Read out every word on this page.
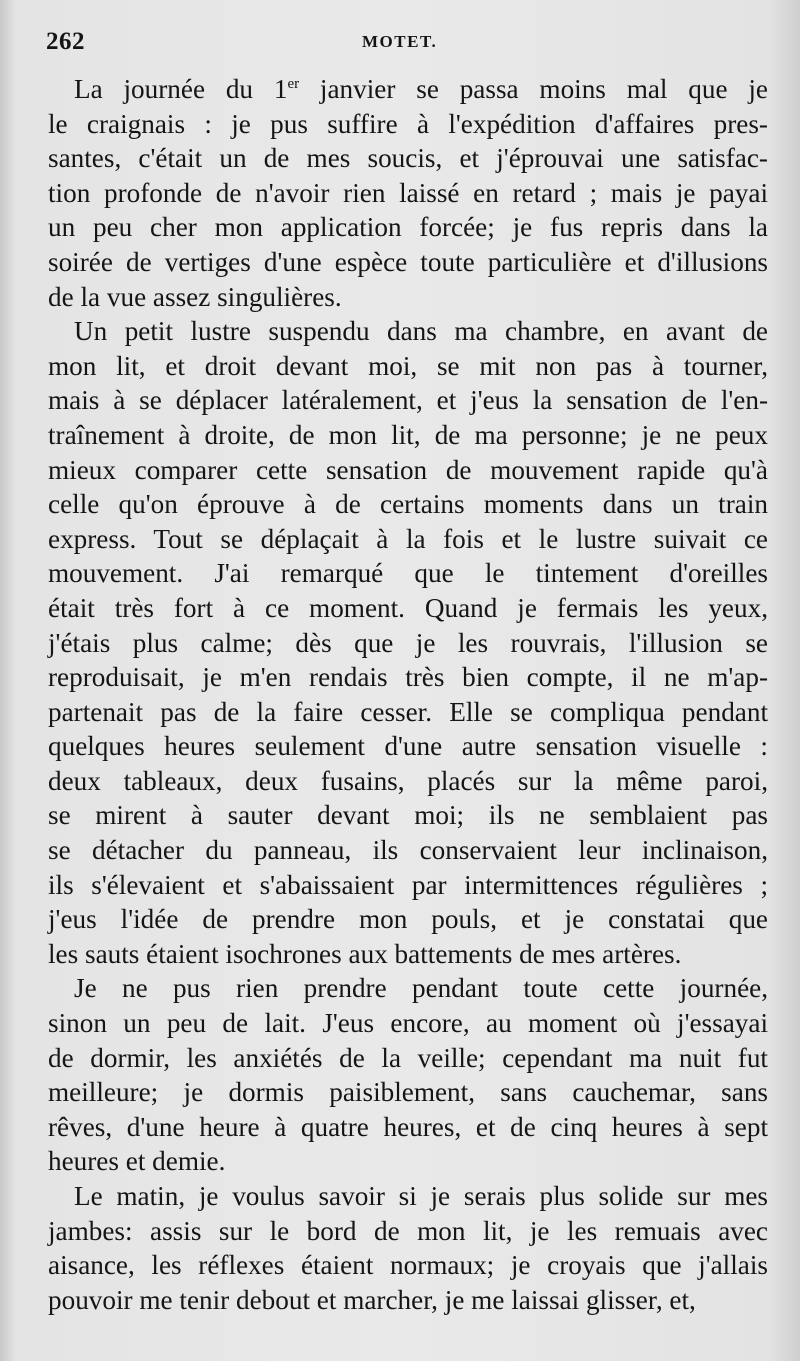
262	MOTET.

La journée du 1er janvier se passa moins mal que je
le craignais : je pus suffire à l'expédition d'affaires pres-
santes, c'était un de mes soucis, et j'éprouvai une satisfac-
tion profonde de n'avoir rien laissé en retard ; mais je payai
un peu cher mon application forcée; je fus repris dans la
soirée de vertiges d'une espèce toute particulière et d'illusions
de la vue assez singulières.

Un petit lustre suspendu dans ma chambre, en avant de
mon lit, et droit devant moi, se mit non pas à tourner,
mais à se déplacer latéralement, et j'eus la sensation de l'en-
traînement à droite, de mon lit, de ma personne; je ne peux
mieux comparer cette sensation de mouvement rapide qu'à
celle qu'on éprouve à de certains moments dans un train
express. Tout se déplaçait à la fois et le lustre suivait ce
mouvement. J'ai remarqué que le tintement d'oreilles
était très fort à ce moment. Quand je fermais les yeux,
j'étais plus calme; dès que je les rouvrais, l'illusion se
reproduisait, je m'en rendais très bien compte, il ne m'ap-
partenait pas de la faire cesser. Elle se compliqua pendant
quelques heures seulement d'une autre sensation visuelle :
deux tableaux, deux fusains, placés sur la même paroi,
se mirent à sauter devant moi; ils ne semblaient pas
se détacher du panneau, ils conservaient leur inclinaison,
ils s'élevaient et s'abaissaient par intermittences régulières ;
j'eus l'idée de prendre mon pouls, et je constatai que
les sauts étaient isochrones aux battements de mes artères.

Je ne pus rien prendre pendant toute cette journée,
sinon un peu de lait. J'eus encore, au moment où j'essayai
de dormir, les anxiétés de la veille; cependant ma nuit fut
meilleure; je dormis paisiblement, sans cauchemar, sans
rêves, d'une heure à quatre heures, et de cinq heures à sept
heures et demie.

Le matin, je voulus savoir si je serais plus solide sur mes
jambes: assis sur le bord de mon lit, je les remuais avec
aisance, les réflexes étaient normaux; je croyais que j'allais
pouvoir me tenir debout et marcher, je me laissai glisser, et,
